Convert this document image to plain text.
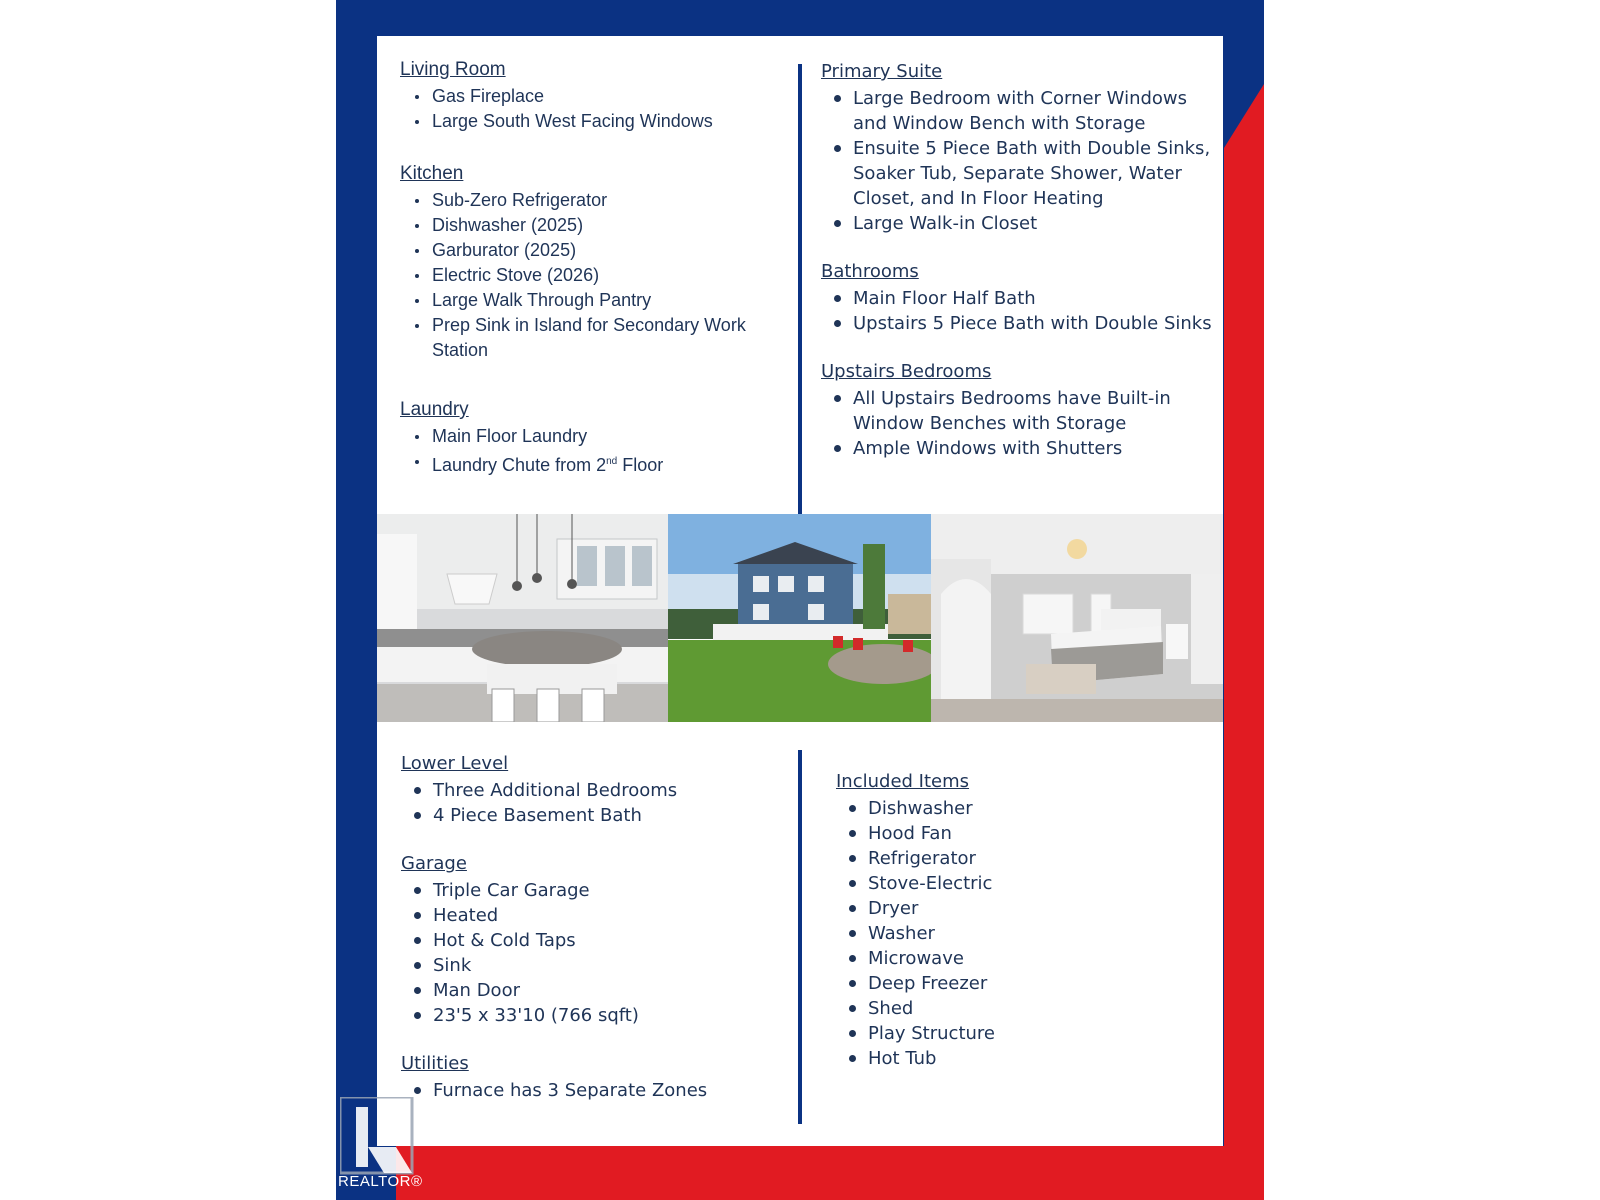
Living Room
Gas Fireplace
Large South West Facing Windows
Kitchen
Sub-Zero Refrigerator
Dishwasher (2025)
Garburator (2025)
Electric Stove (2026)
Large Walk Through Pantry
Prep Sink in Island for Secondary Work Station
Laundry
Main Floor Laundry
Laundry Chute from 2nd Floor
Primary Suite
Large Bedroom with Corner Windows and Window Bench with Storage
Ensuite 5 Piece Bath with Double Sinks, Soaker Tub, Separate Shower, Water Closet, and In Floor Heating
Large Walk-in Closet
Bathrooms
Main Floor Half Bath
Upstairs 5 Piece Bath with Double Sinks
Upstairs Bedrooms
All Upstairs Bedrooms have Built-in Window Benches with Storage
Ample Windows with Shutters
Lower Level
Three Additional Bedrooms
4 Piece Basement Bath
Garage
Triple Car Garage
Heated
Hot & Cold Taps
Sink
Man Door
23'5 x 33'10 (766 sqft)
Utilities
Furnace has 3 Separate Zones
Included Items
Dishwasher
Hood Fan
Refrigerator
Stove-Electric
Dryer
Washer
Microwave
Deep Freezer
Shed
Play Structure
Hot Tub
REALTOR®
